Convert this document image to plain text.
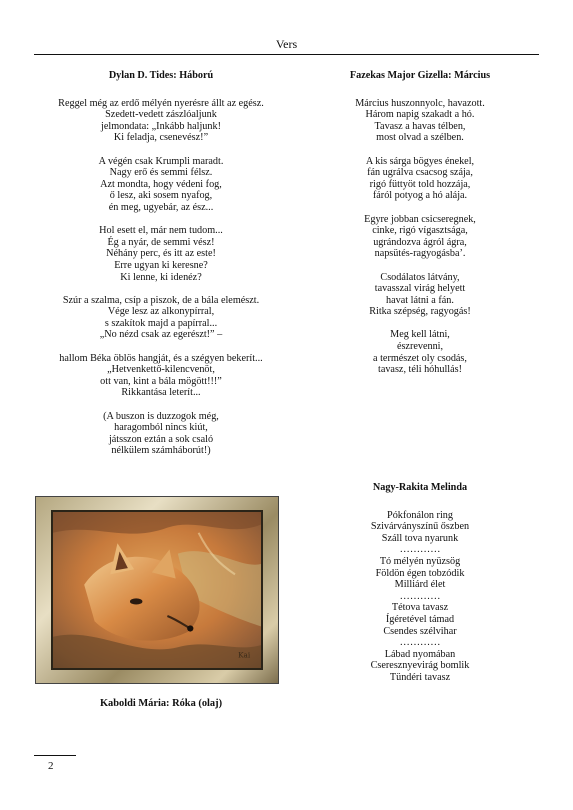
Vers
Dylan D. Tides: Háború
Reggel még az erdő mélyén nyerésre állt az egész.
Szedett-vedett zászlóaljunk
jelmondata: „Inkább haljunk!
Ki feladja, csenevész!”
A végén csak Krumpli maradt.
Nagy erő és semmi félsz.
Azt mondta, hogy védeni fog,
ő lesz, aki sosem nyafog,
én meg, ugyebár, az ész...
Hol esett el, már nem tudom...
Ég a nyár, de semmi vész!
Néhány perc, és itt az este!
Erre ugyan ki keresne?
Ki lenne, ki idenéz?
Szúr a szalma, csíp a piszok, de a bála elemészt.
Vége lesz az alkonypírral,
s szakítok majd a papírral...
„No nézd csak az egerészt!” –
hallom Béka öblös hangját, és a szégyen bekerít...
„Hetvenkettő-kilencvenöt,
ott van, kint a bála mögött!!!”
Rikkantása leterít...
(A buszon is duzzogok még,
haragomból nincs kiút,
játsszon eztán a sok csaló
nélkülem számháborút!)
Fazekas Major Gizella: Március
Március huszonnyolc, havazott.
Három napig szakadt a hó.
Tavasz a havas télben,
most olvad a szélben.
A kis sárga bögyes énekel,
fán ugrálva csacsog szája,
rigó füttyöt told hozzája,
fáról potyog a hó alája.
Egyre jobban csicseregnek,
cinke, rigó vígasztsága,
ugrándozva ágról ágra,
napsütés-ragyogásba’.
Csodálatos látvány,
tavasszal virág helyett
havat látni a fán.
Ritka szépség, ragyogás!
Meg kell látni,
észrevenni,
a természet oly csodás,
tavasz, téli hóhullás!
Kai
Kaboldi Mária: Róka (olaj)
Nagy-Rakita Melinda
Pókfonálon ring
Szivárványszínű őszben
Száll tova nyarunk
…………
Tó mélyén nyüzsög
Földön égen tobzódik
Milliárd élet
…………
Tétova tavasz
Ígéretével támad
Csendes szélvihar
…………
Lábad nyomában
Cseresznyevirág bomlik
Tündéri tavasz
2
